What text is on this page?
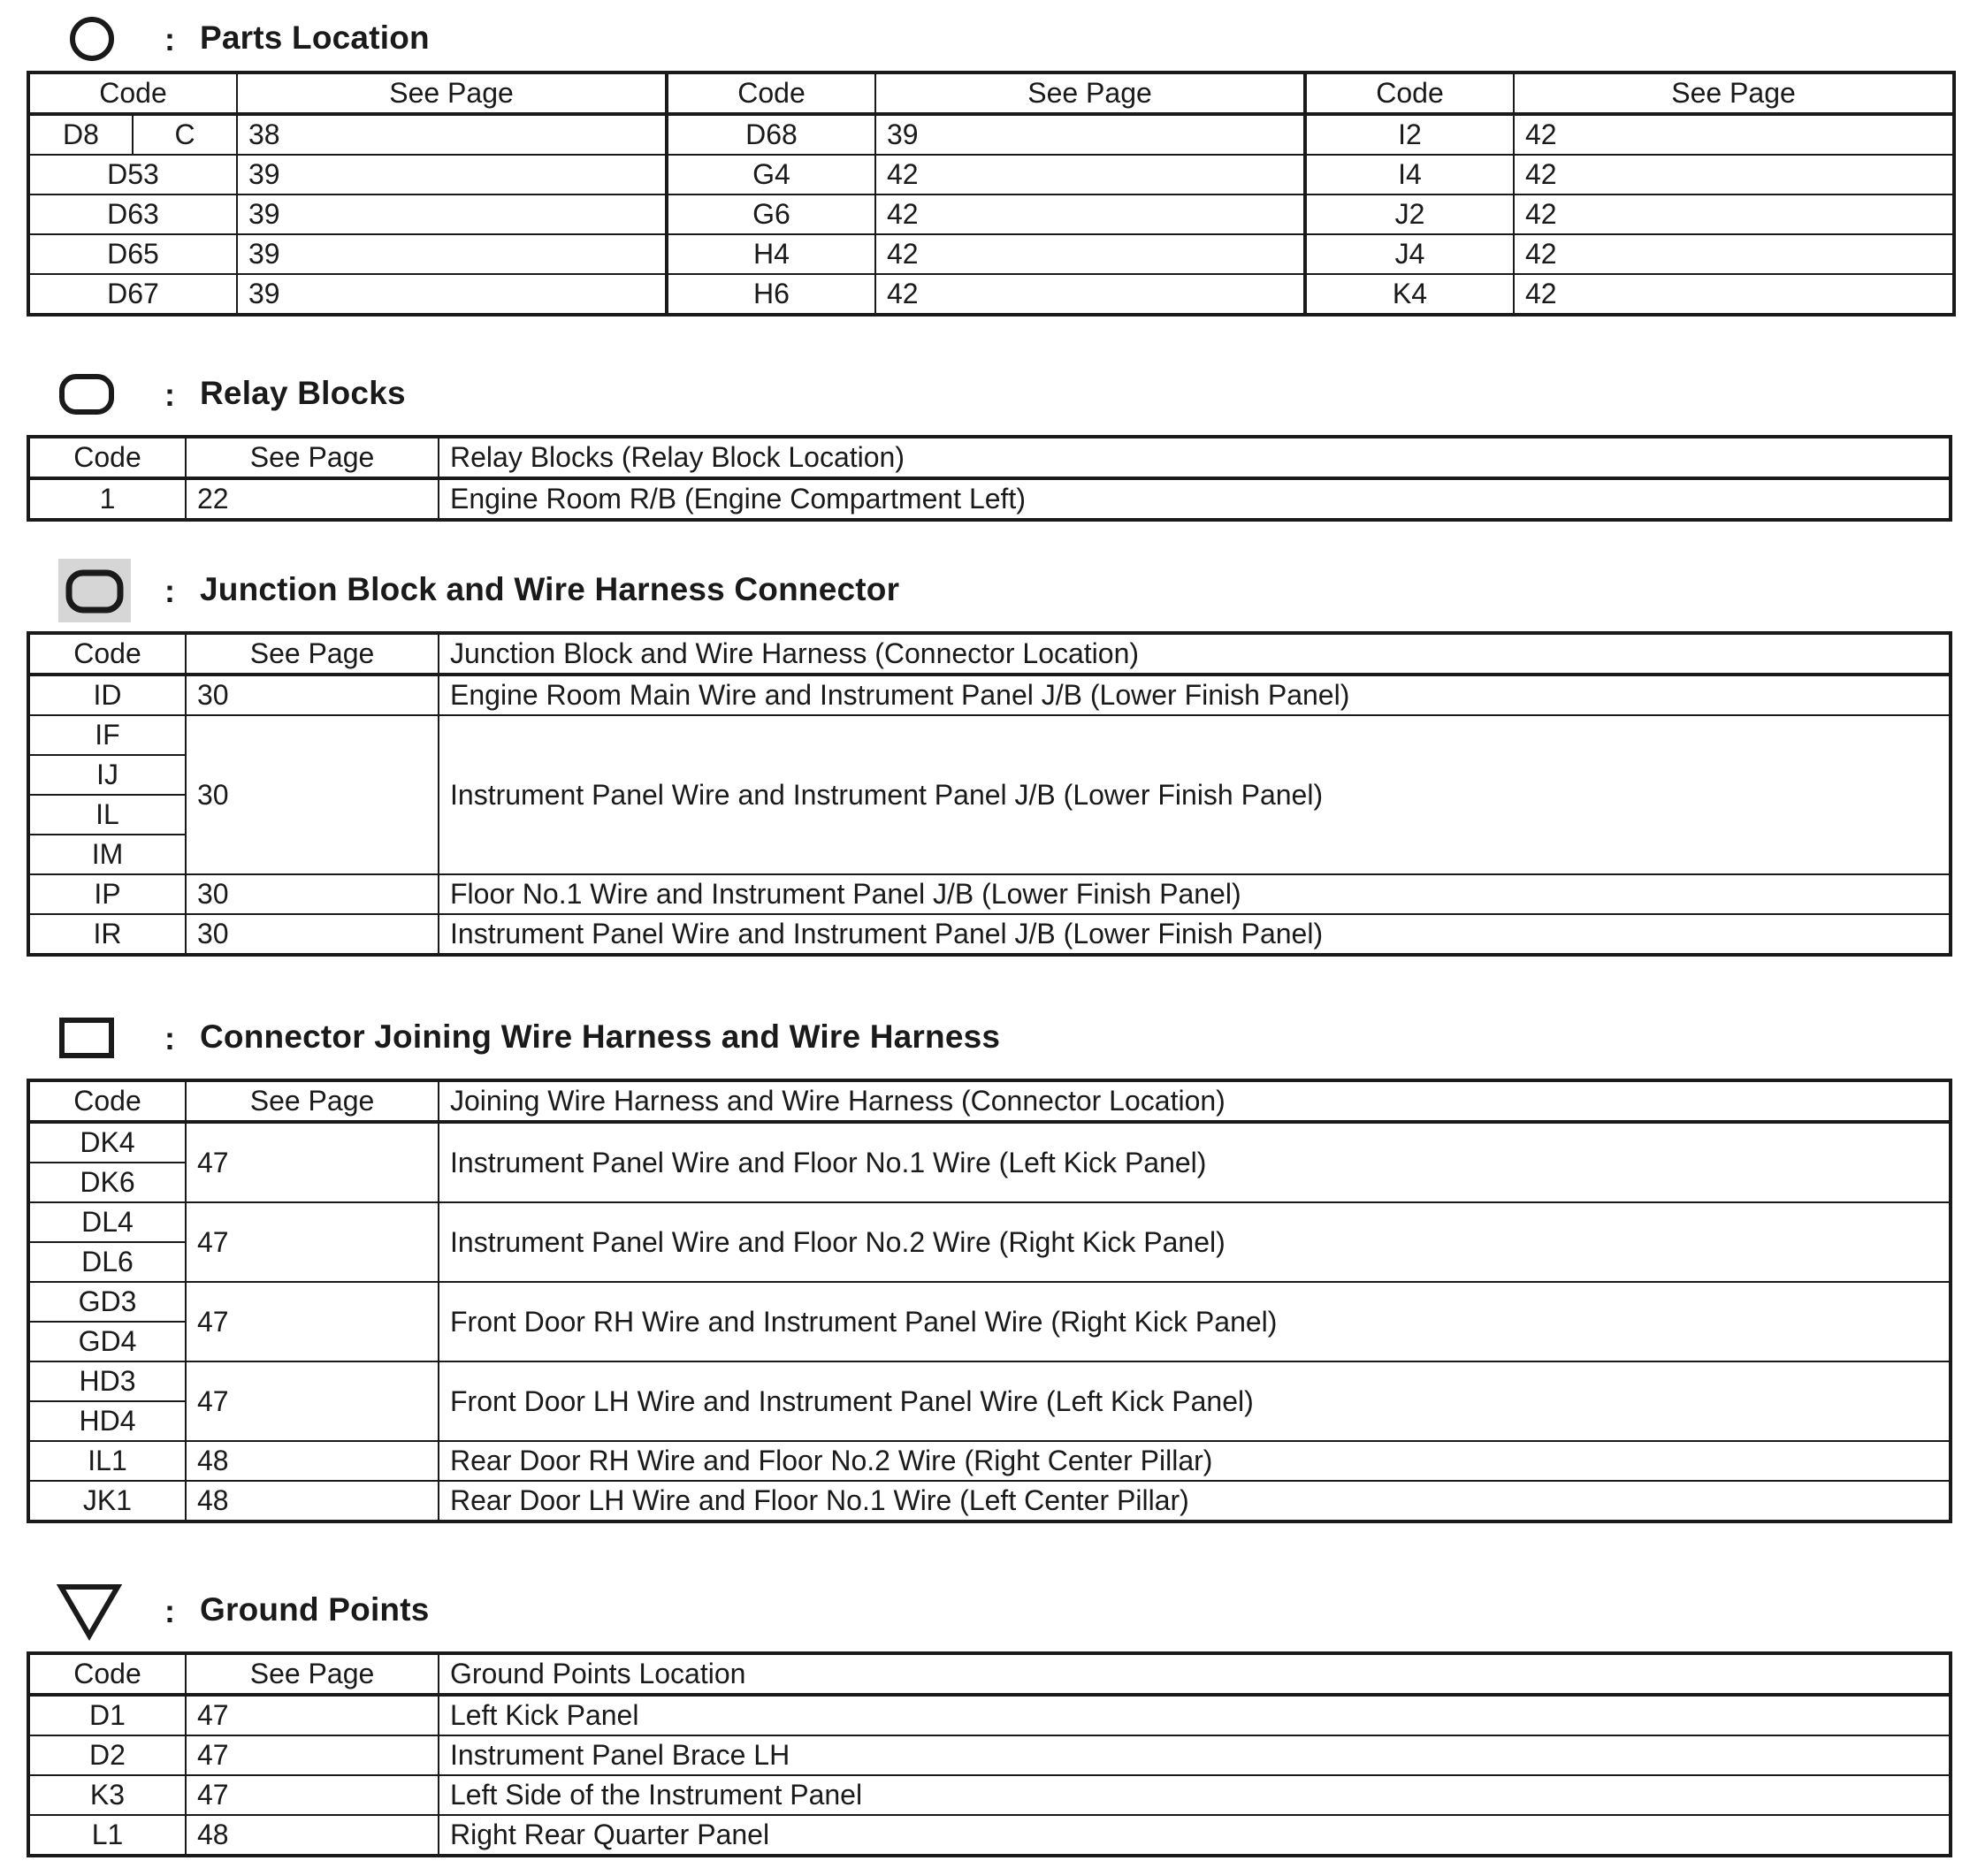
: Parts Location
Code		See Page	Code	See Page	Code	See Page
D8	C	38	D68	39	I2	42
D53		39	G4	42	I4	42
D63		39	G6	42	J2	42
D65		39	H4	42	J4	42
D67		39	H6	42	K4	42
: Relay Blocks
Code	See Page	Relay Blocks (Relay Block Location)
1	22	Engine Room R/B (Engine Compartment Left)
: Junction Block and Wire Harness Connector
Code	See Page	Junction Block and Wire Harness (Connector Location)
ID	30	Engine Room Main Wire and Instrument Panel J/B (Lower Finish Panel)
IF	30	Instrument Panel Wire and Instrument Panel J/B (Lower Finish Panel)
IJ		
IL		
IM		
IP	30	Floor No.1 Wire and Instrument Panel J/B (Lower Finish Panel)
IR	30	Instrument Panel Wire and Instrument Panel J/B (Lower Finish Panel)
: Connector Joining Wire Harness and Wire Harness
Code	See Page	Joining Wire Harness and Wire Harness (Connector Location)
DK4	47	Instrument Panel Wire and Floor No.1 Wire (Left Kick Panel)
DK6		
DL4	47	Instrument Panel Wire and Floor No.2 Wire (Right Kick Panel)
DL6		
GD3	47	Front Door RH Wire and Instrument Panel Wire (Right Kick Panel)
GD4		
HD3	47	Front Door LH Wire and Instrument Panel Wire (Left Kick Panel)
HD4		
IL1	48	Rear Door RH Wire and Floor No.2 Wire (Right Center Pillar)
JK1	48	Rear Door LH Wire and Floor No.1 Wire (Left Center Pillar)
: Ground Points
Code	See Page	Ground Points Location
D1	47	Left Kick Panel
D2	47	Instrument Panel Brace LH
K3	47	Left Side of the Instrument Panel
L1	48	Right Rear Quarter Panel
